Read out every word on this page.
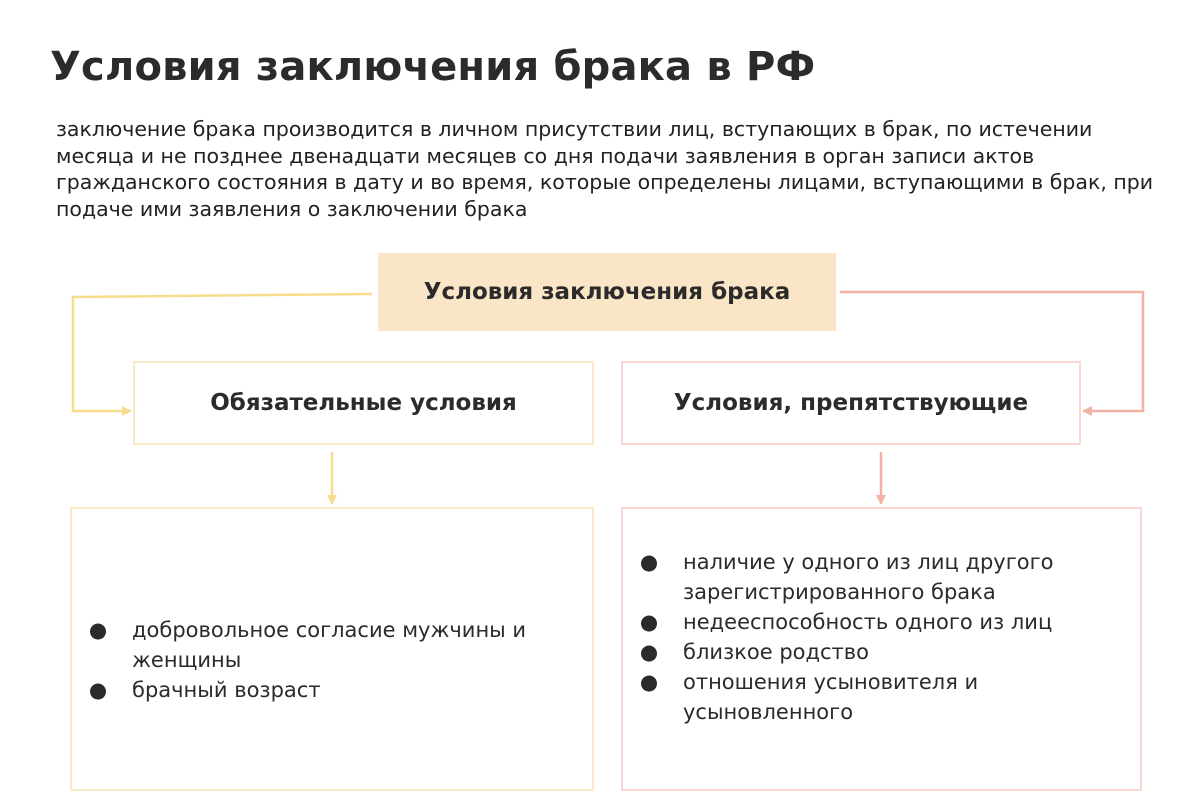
Условия заключения брака в РФ

заключение брака производится в личном присутствии лиц, вступающих в брак, по истечении месяца и не позднее двенадцати месяцев со дня подачи заявления в орган записи актов гражданского состояния в дату и во время, которые определены лицами, вступающими в брак, при подаче ими заявления о заключении брака

Условия заключения брака
Обязательные условия	Условия, препятствующие
● добровольное согласие мужчины и женщины
● брачный возраст
● наличие у одного из лиц другого зарегистрированного брака
● недееспособность одного из лиц
● близкое родство
● отношения усыновителя и усыновленного
